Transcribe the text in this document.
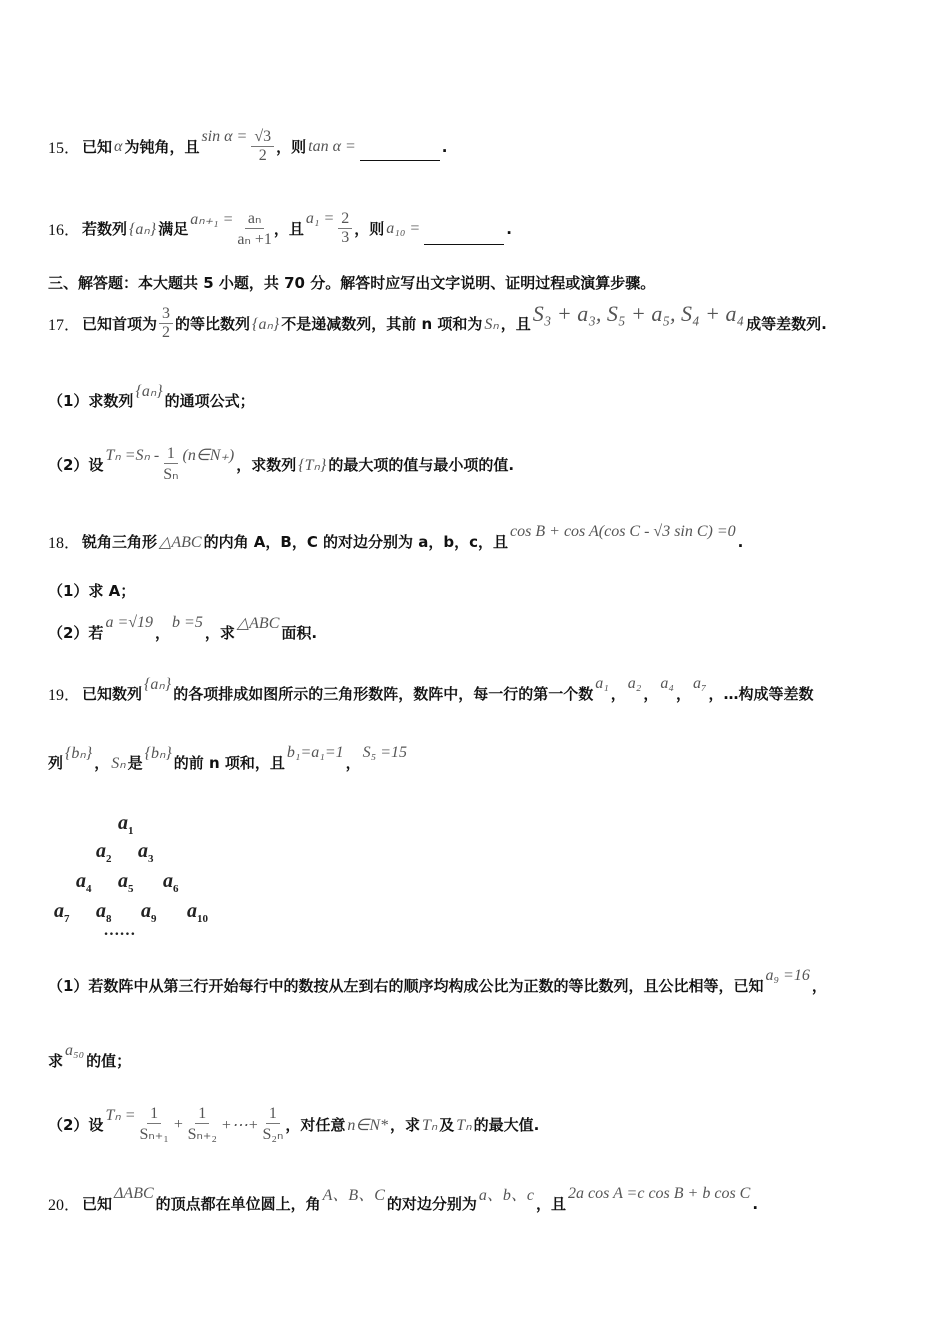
15． 已知 α 为钝角，且
$\sin \alpha = \frac{√3}{2}$ ，则 tan α =	.
16． 若数列 {aₙ} 满足
$a_{n+1} = \frac{\text{aₙ}}{\text{aₙ +1}}$ ，且
$a_1 = \frac{2}{3}$ ，则 a₁₀ =	.
三、解答题：本大题共 5 小题，共 70 分。解答时应写出文字说明、证明过程或演算步骤。
17． 已知首项为 $\frac{3}{2}$ 的等比数列 {aₙ} 不是递减数列，其前 n 项和为 Sₙ ，且 S₃ + a₃, S₅ + a₅, S₄ + a₄ 成等差数列.
（1）求数列
{aₙ}
的通项公式；
（2）设
$T_n =S_n - \frac{1}{\text{Sₙ}}$ (n∈N₊)
，求数列 {Tₙ} 的最大项的值与最小项的值.
18． 锐角三角形 △ABC 的内角 A，B，C 的对边分别为 a，b，c，且
cos B + cos A(cos C - √3 sin C) =0
.
（1）求 A；
（2）若
a =√19
，
b =5
，求
△ABC
面积.
19． 已知数列
{aₙ}
的各项排成如图所示的三角形数阵，数阵中，每一行的第一个数
a₁
，
a₂
，
a₄
，
a₇
，…构成等差数
列
{bₙ}
， Sₙ 是
{bₙ}
的前 n 项和，且
b₁=a₁=1
，
S₅ =15
（1）若数阵中从第三行开始每行中的数按从左到右的顺序均构成公比为正数的等比数列，且公比相等，已知
a₉ =16
，
求
a₅₀
的值；
（2）设
$T_n = \frac{1}{\text{Sₙ₊₁}} + \frac{1}{\text{Sₙ₊₂}}$ +⋯+ $\frac{1}{\text{S₂ₙ}}$ ，对任意 n∈N* ，求 Tₙ 及 Tₙ 的最大值.
20． 已知
ΔABC
的顶点都在单位圆上，角 A、B、C 的对边分别为 a、b、c ，且
2a cos A =c cos B + b cos C
.
$a_1$
$a_2$ $a_3$
$a_4$ $a_5$ $a_6$
$a_7$ $a_8$ $a_9$ $a_{10}$
……
